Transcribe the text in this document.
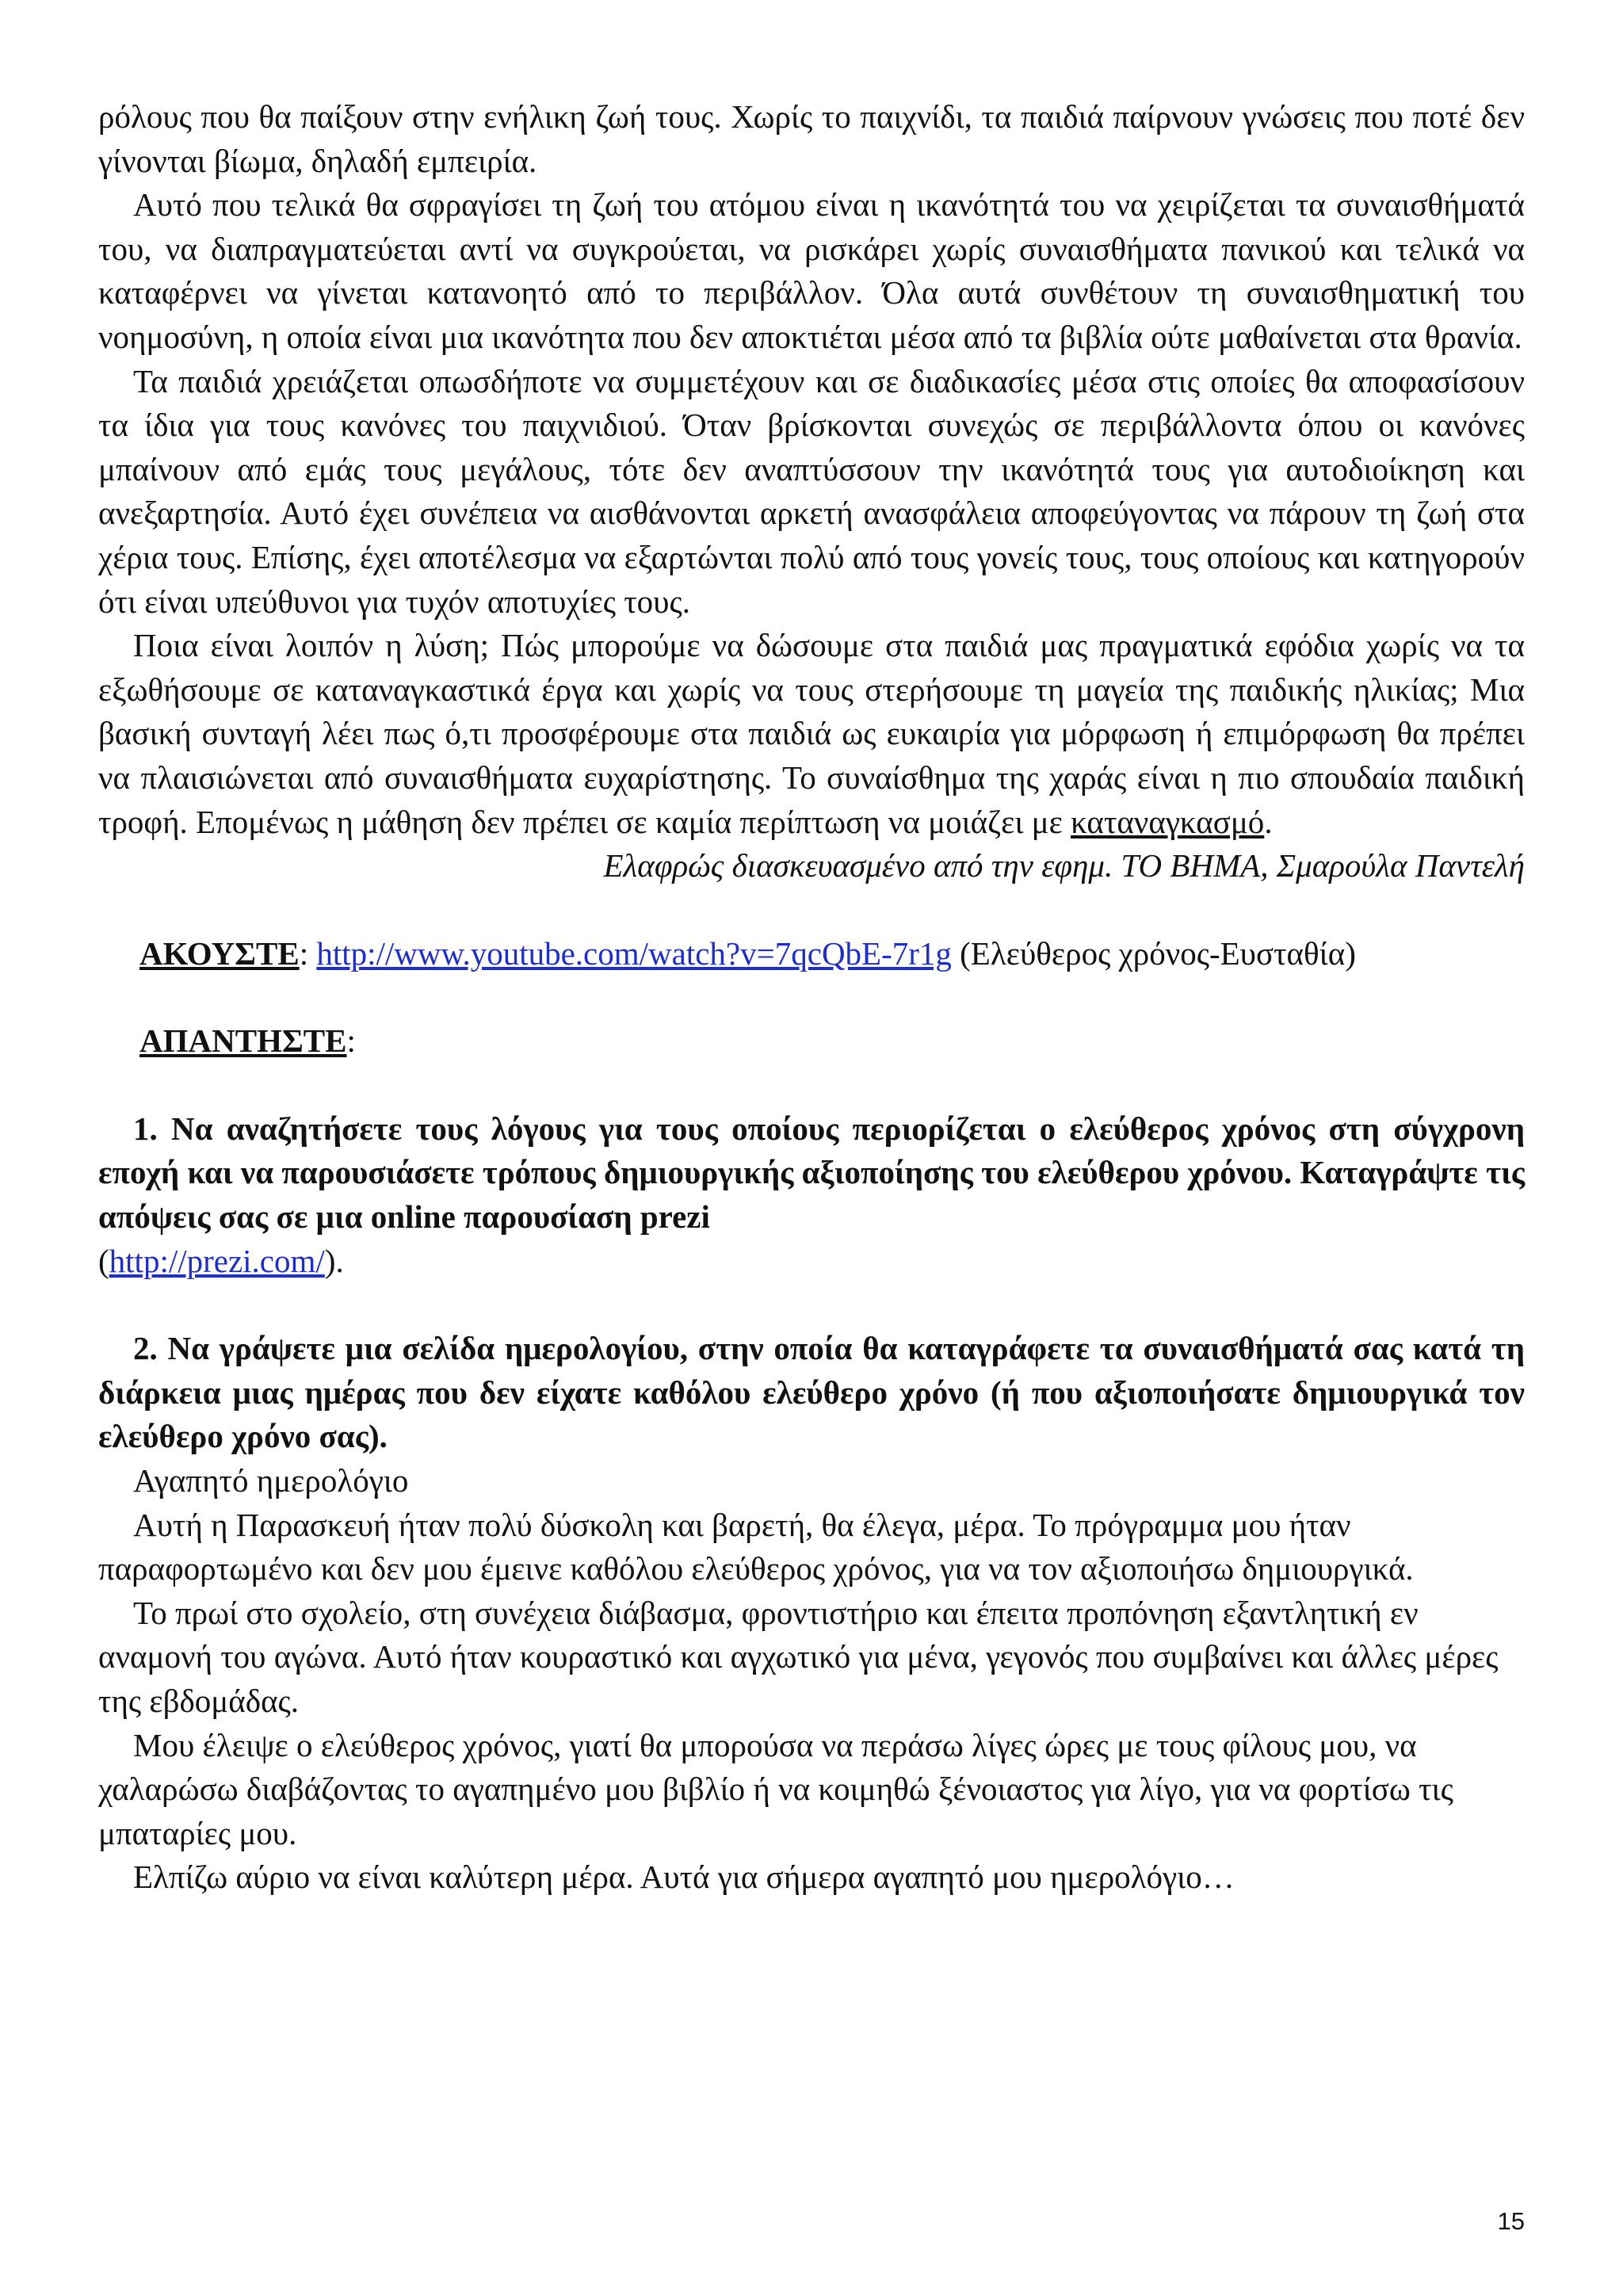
ρόλους που θα παίξουν στην ενήλικη ζωή τους. Χωρίς το παιχνίδι, τα παιδιά παίρνουν γνώσεις που ποτέ δεν γίνονται βίωμα, δηλαδή εμπειρία.

Αυτό που τελικά θα σφραγίσει τη ζωή του ατόμου είναι η ικανότητά του να χειρίζεται τα συναισθήματά του, να διαπραγματεύεται αντί να συγκρούεται, να ρισκάρει χωρίς συναισθήματα πανικού και τελικά να καταφέρνει να γίνεται κατανοητό από το περιβάλλον. Όλα αυτά συνθέτουν τη συναισθηματική του νοημοσύνη, η οποία είναι μια ικανότητα που δεν αποκτιέται μέσα από τα βιβλία ούτε μαθαίνεται στα θρανία.

Τα παιδιά χρειάζεται οπωσδήποτε να συμμετέχουν και σε διαδικασίες μέσα στις οποίες θα αποφασίσουν τα ίδια για τους κανόνες του παιχνιδιού. Όταν βρίσκονται συνεχώς σε περιβάλλοντα όπου οι κανόνες μπαίνουν από εμάς τους μεγάλους, τότε δεν αναπτύσσουν την ικανότητά τους για αυτοδιοίκηση και ανεξαρτησία. Αυτό έχει συνέπεια να αισθάνονται αρκετή ανασφάλεια αποφεύγοντας να πάρουν τη ζωή στα χέρια τους. Επίσης, έχει αποτέλεσμα να εξαρτώνται πολύ από τους γονείς τους, τους οποίους και κατηγορούν ότι είναι υπεύθυνοι για τυχόν αποτυχίες τους.

Ποια είναι λοιπόν η λύση; Πώς μπορούμε να δώσουμε στα παιδιά μας πραγματικά εφόδια χωρίς να τα εξωθήσουμε σε καταναγκαστικά έργα και χωρίς να τους στερήσουμε τη μαγεία της παιδικής ηλικίας; Μια βασική συνταγή λέει πως ό,τι προσφέρουμε στα παιδιά ως ευκαιρία για μόρφωση ή επιμόρφωση θα πρέπει να πλαισιώνεται από συναισθήματα ευχαρίστησης. Το συναίσθημα της χαράς είναι η πιο σπουδαία παιδική τροφή. Επομένως η μάθηση δεν πρέπει σε καμία περίπτωση να μοιάζει με καταναγκασμό.

Ελαφρώς διασκευασμένο από την εφημ. ΤΟ ΒΗΜΑ, Σμαρούλα Παντελή

ΑΚΟΥΣΤΕ: http://www.youtube.com/watch?v=7qcQbE-7r1g (Ελεύθερος χρόνος-Ευσταθία)

ΑΠΑΝΤΗΣΤΕ:

1. Να αναζητήσετε τους λόγους για τους οποίους περιορίζεται ο ελεύθερος χρόνος στη σύγχρονη εποχή και να παρουσιάσετε τρόπους δημιουργικής αξιοποίησης του ελεύθερου χρόνου. Καταγράψτε τις απόψεις σας σε μια online παρουσίαση prezi
(http://prezi.com/).

2. Να γράψετε μια σελίδα ημερολογίου, στην οποία θα καταγράφετε τα συναισθήματά σας κατά τη διάρκεια μιας ημέρας που δεν είχατε καθόλου ελεύθερο χρόνο (ή που αξιοποιήσατε δημιουργικά τον ελεύθερο χρόνο σας).

Αγαπητό ημερολόγιο

Αυτή η Παρασκευή ήταν πολύ δύσκολη και βαρετή, θα έλεγα, μέρα. Το πρόγραμμα μου ήταν παραφορτωμένο και δεν μου έμεινε καθόλου ελεύθερος χρόνος, για να τον αξιοποιήσω δημιουργικά.

Το πρωί στο σχολείο, στη συνέχεια διάβασμα, φροντιστήριο και έπειτα προπόνηση εξαντλητική εν αναμονή του αγώνα. Αυτό ήταν κουραστικό και αγχωτικό για μένα, γεγονός που συμβαίνει και άλλες μέρες της εβδομάδας.

Μου έλειψε ο ελεύθερος χρόνος, γιατί θα μπορούσα να περάσω λίγες ώρες με τους φίλους μου, να χαλαρώσω διαβάζοντας το αγαπημένο μου βιβλίο ή να κοιμηθώ ξένοιαστος για λίγο, για να φορτίσω τις μπαταρίες μου.

Ελπίζω αύριο να είναι καλύτερη μέρα. Αυτά για σήμερα αγαπητό μου ημερολόγιο…

15
